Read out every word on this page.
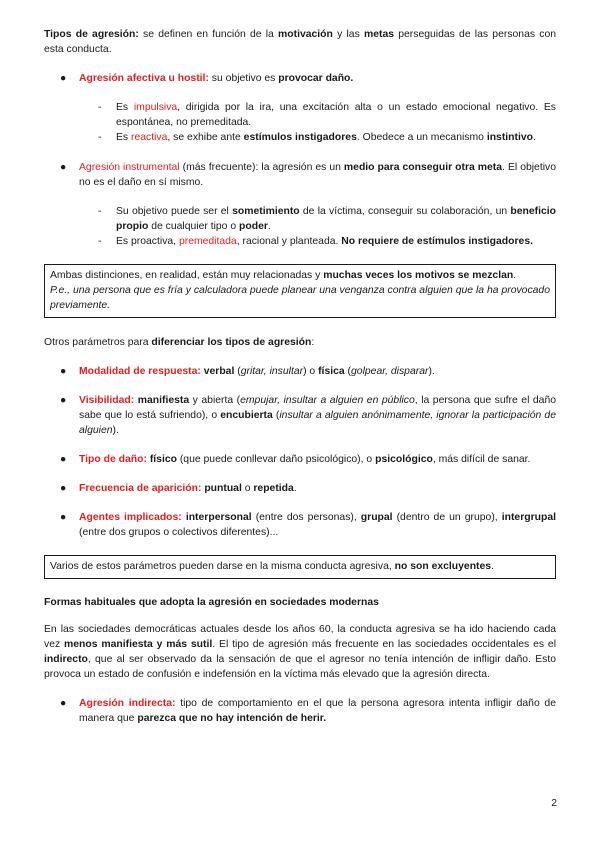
Tipos de agresión: se definen en función de la motivación y las metas perseguidas de las personas con esta conducta.

● Agresión afectiva u hostil: su objetivo es provocar daño.

- Es impulsiva, dirigida por la ira, una excitación alta o un estado emocional negativo. Es espontánea, no premeditada.
- Es reactiva, se exhibe ante estímulos instigadores. Obedece a un mecanismo instintivo.
● Agresión instrumental (más frecuente): la agresión es un medio para conseguir otra meta. El objetivo no es el daño en sí mismo.

- Su objetivo puede ser el sometimiento de la víctima, conseguir su colaboración, un beneficio propio de cualquier tipo o poder.
- Es proactiva, premeditada, racional y planteada. No requiere de estímulos instigadores.

Ambas distinciones, en realidad, están muy relacionadas y muchas veces los motivos se mezclan.

P.e., una persona que es fría y calculadora puede planear una venganza contra alguien que la ha provocado previamente.

Otros parámetros para diferenciar los tipos de agresión:

● Modalidad de respuesta: verbal (gritar, insultar) o física (golpear, disparar).

● Visibilidad: manifiesta y abierta (empujar, insultar a alguien en público, la persona que sufre el daño sabe que lo está sufriendo), o encubierta (insultar a alguien anónimamente, ignorar la participación de alguien).

● Tipo de daño: físico (que puede conllevar daño psicológico), o psicológico, más difícil de sanar.

● Frecuencia de aparición: puntual o repetida.

● Agentes implicados: interpersonal (entre dos personas), grupal (dentro de un grupo), intergrupal (entre dos grupos o colectivos diferentes)...

Varios de estos parámetros pueden darse en la misma conducta agresiva, no son excluyentes.

Formas habituales que adopta la agresión en sociedades modernas

En las sociedades democráticas actuales desde los años 60, la conducta agresiva se ha ido haciendo cada vez menos manifiesta y más sutil. El tipo de agresión más frecuente en las sociedades occidentales es el indirecto, que al ser observado da la sensación de que el agresor no tenía intención de infligir daño. Esto provoca un estado de confusión e indefensión en la víctima más elevado que la agresión directa.

● Agresión indirecta: tipo de comportamiento en el que la persona agresora intenta infligir daño de manera que parezca que no hay intención de herir.

2
